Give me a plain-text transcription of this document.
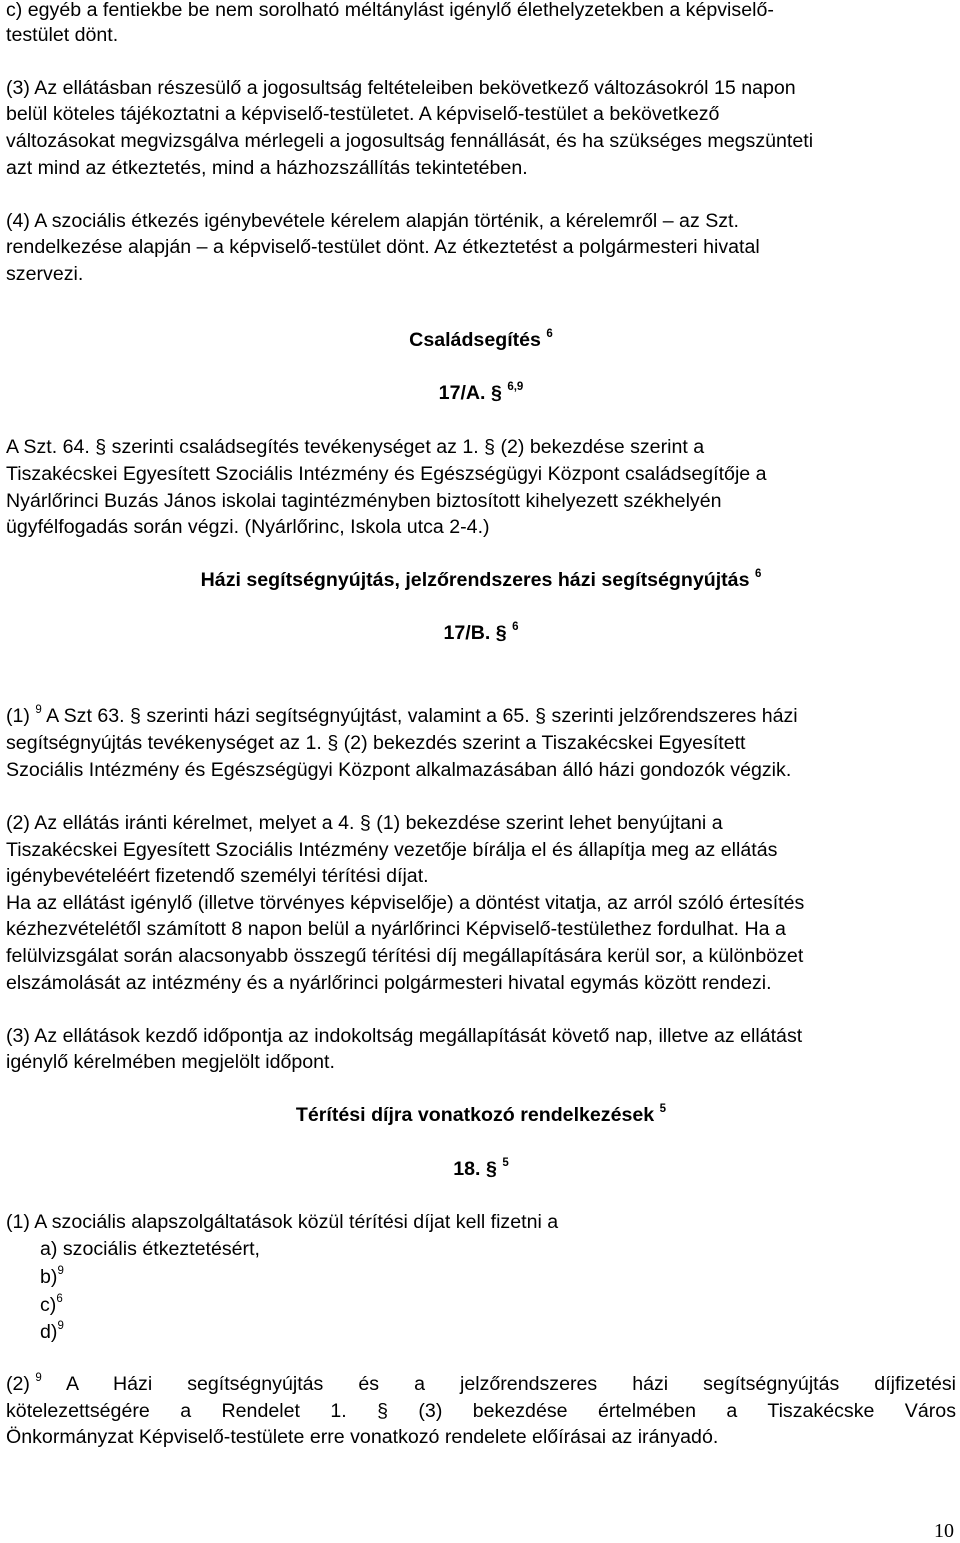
c) egyéb a fentiekbe be nem sorolható méltánylást igénylő élethelyzetekben a képviselő-
testület dönt.
(3) Az ellátásban részesülő a jogosultság feltételeiben bekövetkező változásokról 15 napon
belül köteles tájékoztatni a képviselő-testületet. A képviselő-testület a bekövetkező
változásokat megvizsgálva mérlegeli a jogosultság fennállását, és ha szükséges megszünteti
azt mind az étkeztetés, mind a házhozszállítás tekintetében.
(4) A szociális étkezés igénybevétele kérelem alapján történik, a kérelemről – az Szt.
rendelkezése alapján – a képviselő-testület dönt. Az étkeztetést a polgármesteri hivatal
szervezi.
Családsegítés $^6$
17/A. § $^{6,9}$
A Szt. 64. § szerinti családsegítés tevékenységet az 1. § (2) bekezdése szerint a
Tiszakécskei Egyesített Szociális Intézmény és Egészségügyi Központ családsegítője a
Nyárlőrinci Buzás János iskolai tagintézményben biztosított kihelyezett székhelyén
ügyfélfogadás során végzi. (Nyárlőrinc, Iskola utca 2-4.)
Házi segítségnyújtás, jelzőrendszeres házi segítségnyújtás $^6$
17/B. § $^6$
(1) $^9$ A Szt 63. § szerinti házi segítségnyújtást, valamint a 65. § szerinti jelzőrendszeres házi
segítségnyújtás tevékenységet az 1. § (2) bekezdés szerint a Tiszakécskei Egyesített
Szociális Intézmény és Egészségügyi Központ alkalmazásában álló házi gondozók végzik.
(2) Az ellátás iránti kérelmet, melyet a 4. § (1) bekezdése szerint lehet benyújtani a
Tiszakécskei Egyesített Szociális Intézmény vezetője bírálja el és állapítja meg az ellátás
igénybevételéért fizetendő személyi térítési díjat.
Ha az ellátást igénylő (illetve törvényes képviselője) a döntést vitatja, az arról szóló értesítés
kézhezvételétől számított 8 napon belül a nyárlőrinci Képviselő-testülethez fordulhat. Ha a
felülvizsgálat során alacsonyabb összegű térítési díj megállapítására kerül sor, a különbözet
elszámolását az intézmény és a nyárlőrinci polgármesteri hivatal egymás között rendezi.
(3) Az ellátások kezdő időpontja az indokoltság megállapítását követő nap, illetve az ellátást
igénylő kérelmében megjelölt időpont.
Térítési díjra vonatkozó rendelkezések $^5$
18. § $^5$
(1) A szociális alapszolgáltatások közül térítési díjat kell fizetni a
a) szociális étkeztetésért,
b)$^9$
c)$^6$
d)$^9$
(2) $^9$	A Házi segítségnyújtás és a jelzőrendszeres házi segítségnyújtás díjfizetési
kötelezettségére a Rendelet 1. § (3) bekezdése értelmében a Tiszakécske Város
Önkormányzat Képviselő-testülete erre vonatkozó rendelete előírásai az irányadó.
10
